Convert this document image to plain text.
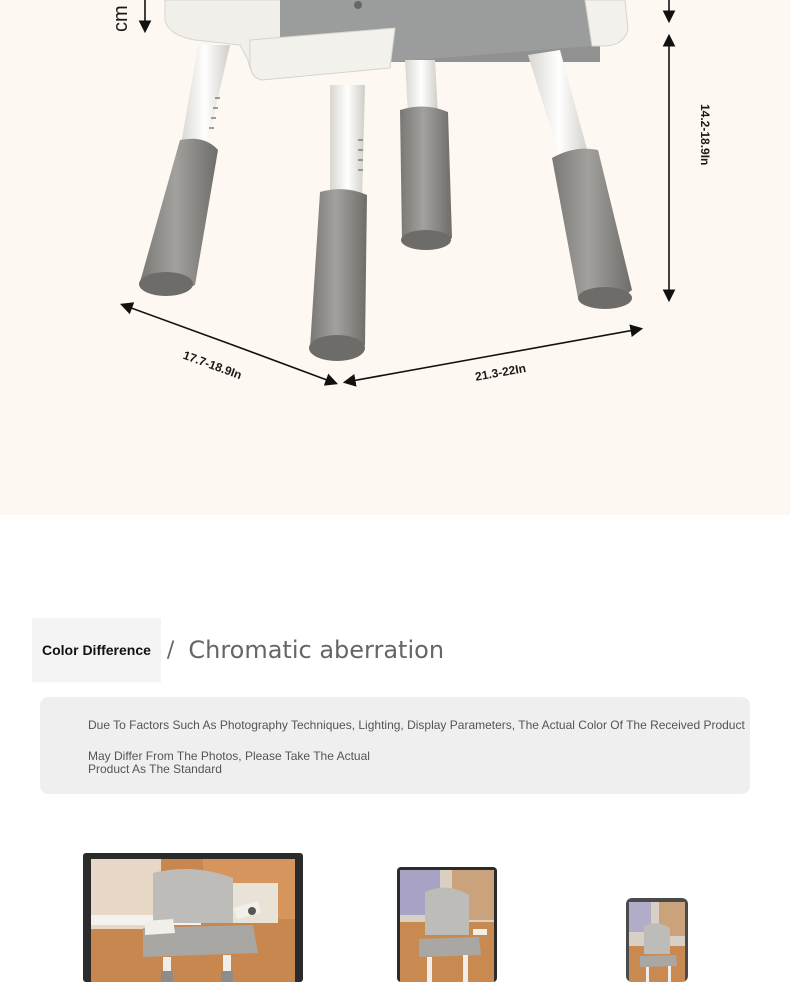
cm
14.2-18.9In
17.7-18.9In	21.3-22In
Color Difference / Chromatic aberration

Due To Factors Such As Photography Techniques, Lighting, Display Parameters, The Actual Color Of The Received Product

May Differ From The Photos, Please Take The Actual

Product As The Standard
